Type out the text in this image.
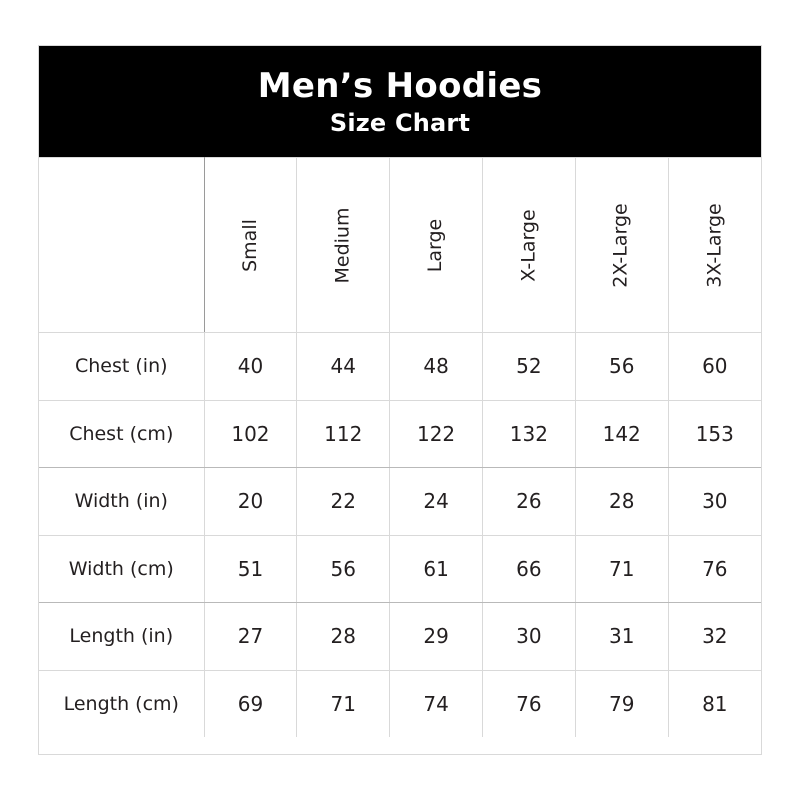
Men’s Hoodies
Size Chart
	Small	Medium	Large	X-Large	2X-Large	3X-Large
Chest (in)	40	44	48	52	56	60
Chest (cm)	102	112	122	132	142	153
Width (in)	20	22	24	26	28	30
Width (cm)	51	56	61	66	71	76
Length (in)	27	28	29	30	31	32
Length (cm)	69	71	74	76	79	81
